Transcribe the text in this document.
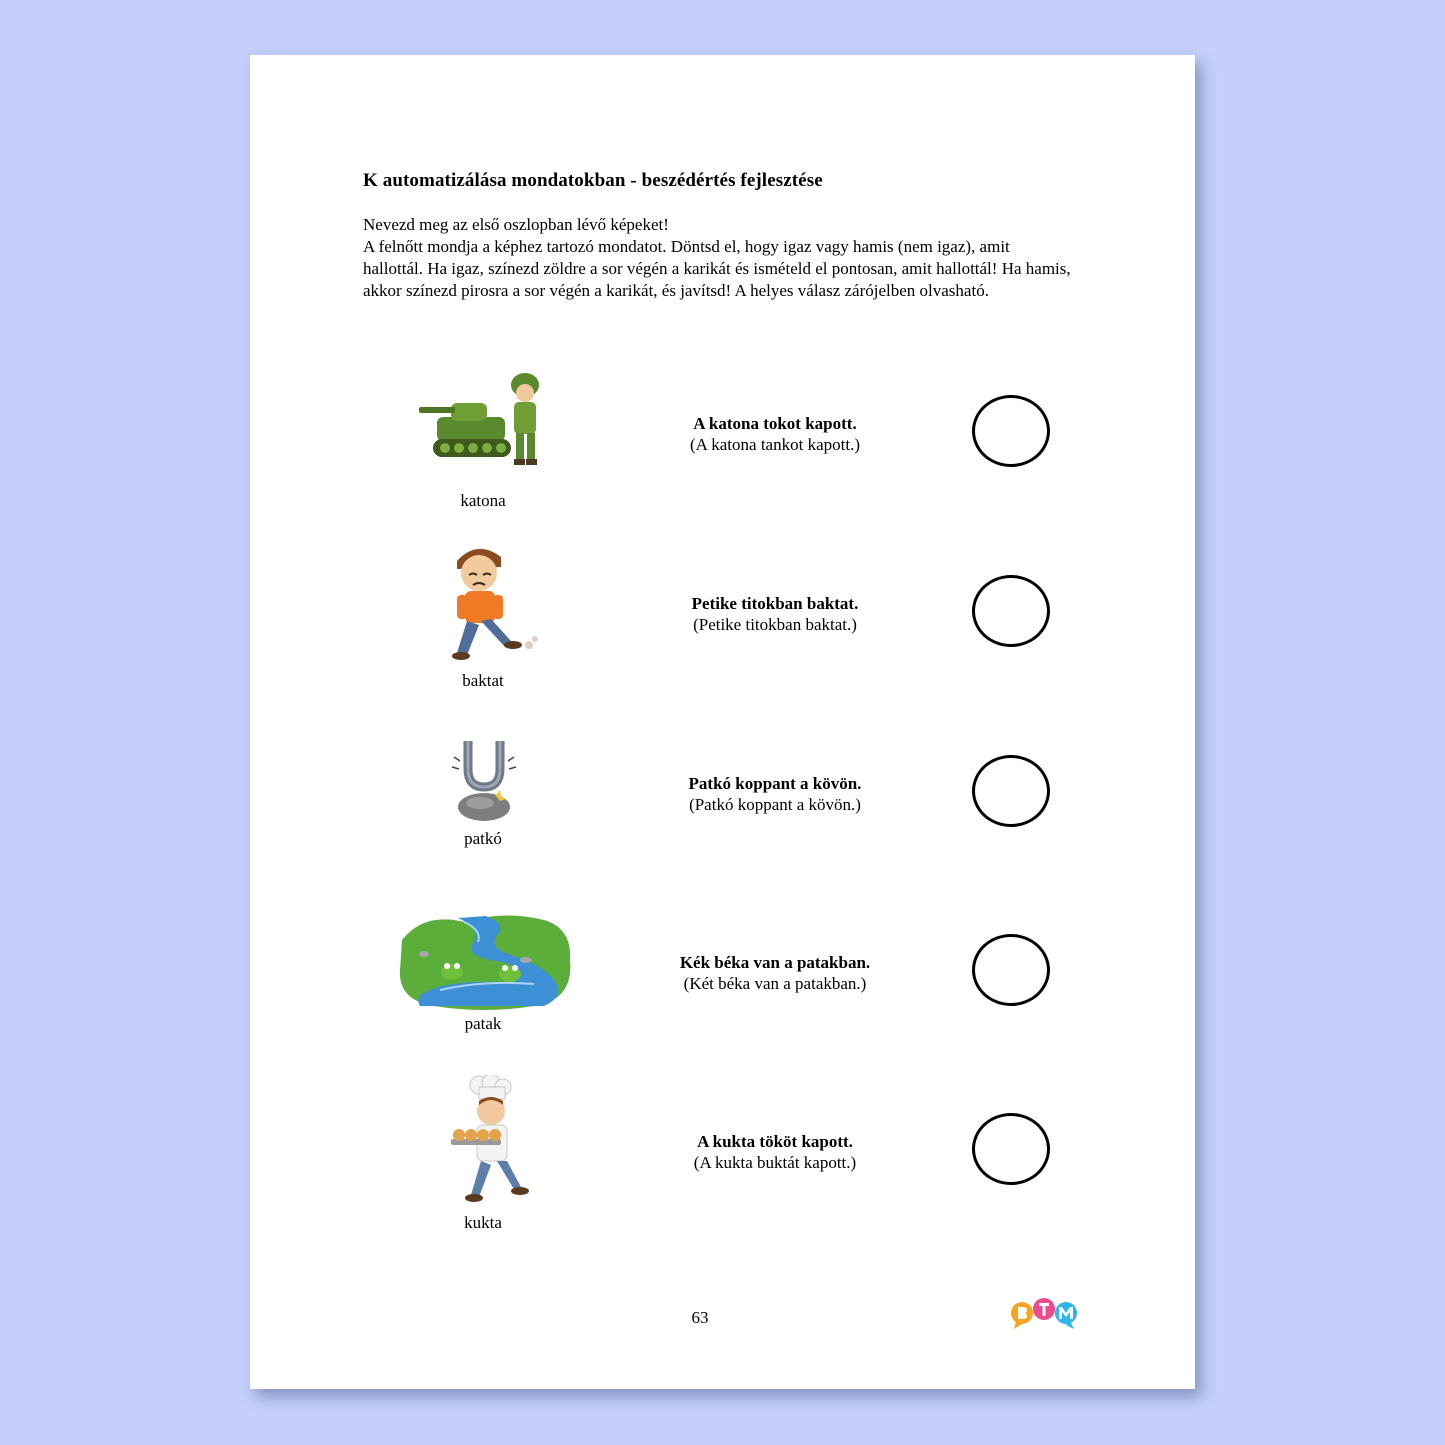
K automatizálása mondatokban - beszédértés fejlesztése

Nevezd meg az első oszlopban lévő képeket!

A felnőtt mondja a képhez tartozó mondatot. Döntsd el, hogy igaz vagy hamis (nem igaz), amit hallottál. Ha igaz, színezd zöldre a sor végén a karikát és ismételd el pontosan, amit hallottál! Ha hamis, akkor színezd pirosra a sor végén a karikát, és javítsd! A helyes válasz zárójelben olvasható.

katona
A katona tokot kapott.
(A katona tankot kapott.)
baktat
Petike titokban baktat.
(Petike titokban baktat.)
patkó
Patkó koppant a kövön.
(Patkó koppant a kövön.)
patak
Kék béka van a patakban.
(Két béka van a patakban.)
kukta
A kukta tököt kapott.
(A kukta buktát kapott.)
63
